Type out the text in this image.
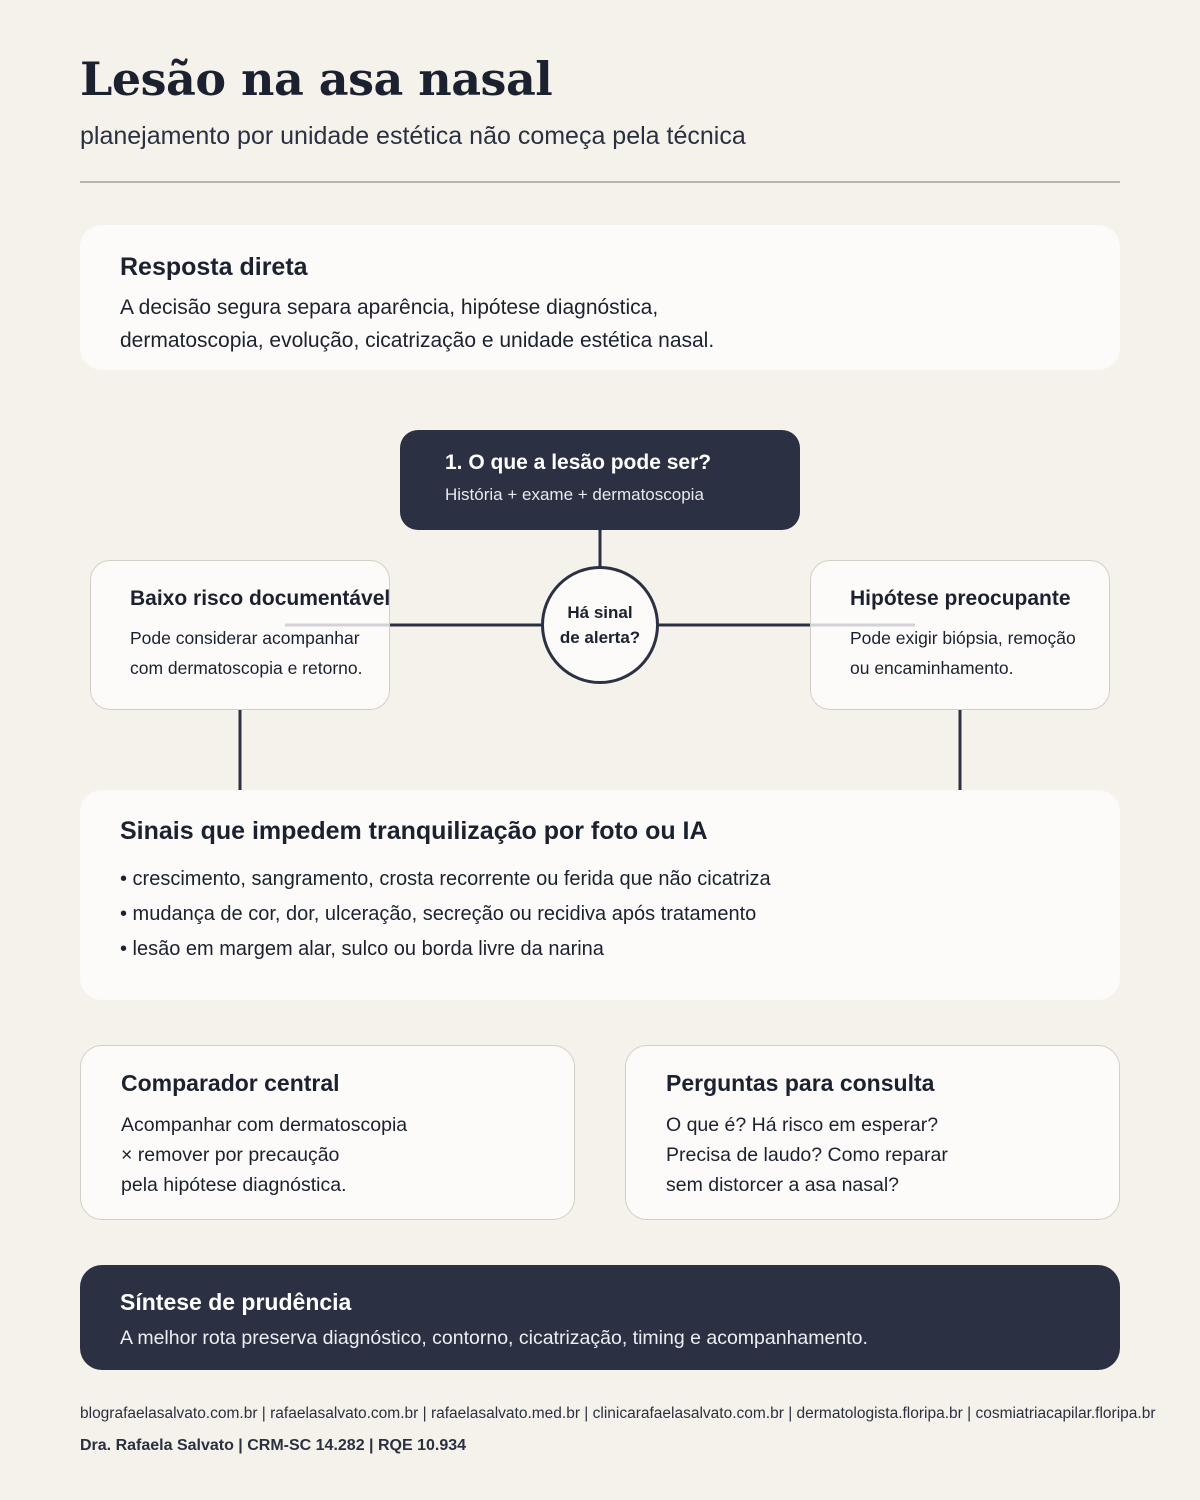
Lesão na asa nasal
planejamento por unidade estética não começa pela técnica
Resposta direta
A decisão segura separa aparência, hipótese diagnóstica, dermatoscopia, evolução, cicatrização e unidade estética nasal.
1. O que a lesão pode ser?
História + exame + dermatoscopia
Baixo risco documentável
Pode considerar acompanhar
com dermatoscopia e retorno.
Hipótese preocupante
Pode exigir biópsia, remoção
ou encaminhamento.
Há sinal
de alerta?
Sinais que impedem tranquilização por foto ou IA
• crescimento, sangramento, crosta recorrente ou ferida que não cicatriza
• mudança de cor, dor, ulceração, secreção ou recidiva após tratamento
• lesão em margem alar, sulco ou borda livre da narina
Comparador central
Acompanhar com dermatoscopia
× remover por precaução
pela hipótese diagnóstica.
Perguntas para consulta
O que é? Há risco em esperar?
Precisa de laudo? Como reparar
sem distorcer a asa nasal?
Síntese de prudência
A melhor rota preserva diagnóstico, contorno, cicatrização, timing e acompanhamento.
blografaelasalvato.com.br | rafaelasalvato.com.br | rafaelasalvato.med.br | clinicarafaelasalvato.com.br | dermatologista.floripa.br | cosmiatriacapilar.floripa.br
Dra. Rafaela Salvato | CRM-SC 14.282 | RQE 10.934
